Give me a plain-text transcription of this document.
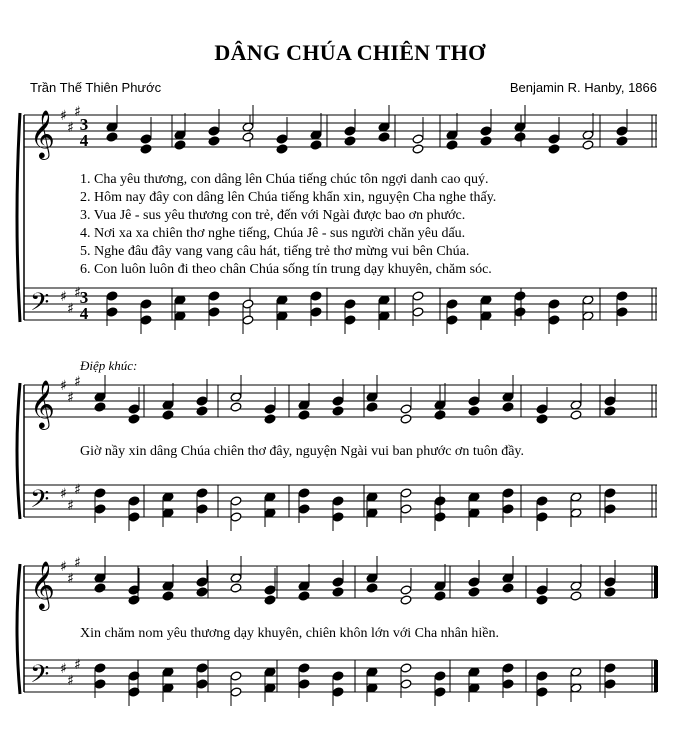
𝄞
𝄢
♯
♯
♯
♯
♯
♯
3
4
3
4
𝄞
𝄢
♯
♯
♯
♯
♯
♯
𝄞
𝄢
♯
♯
♯
♯
♯
♯
DÂNG CHÚA CHIÊN THƠ
Trần Thế Thiên Phước	Benjamin R. Hanby, 1866
1. Cha yêu thương, con dâng lên Chúa tiếng chúc tôn ngợi danh cao quý.
2. Hôm nay đây con dâng lên Chúa tiếng khẩn xin, nguyện Cha nghe thấy.
3. Vua Jê - sus yêu thương con trẻ, đến với Ngài được bao ơn phước.
4. Nơi xa xa chiên thơ nghe tiếng, Chúa Jê - sus người chăn yêu dấu.
5. Nghe đâu đây vang vang câu hát, tiếng trẻ thơ mừng vui bên Chúa.
6. Con luôn luôn đi theo chân Chúa sống tín trung dạy khuyên, chăm sóc.
Điệp khúc:
Giờ nầy xin dâng Chúa chiên thơ đây, nguyện Ngài vui ban phước ơn tuôn đầy.
Xin chăm nom yêu thương dạy khuyên, chiên khôn lớn với Cha nhân hiền.
